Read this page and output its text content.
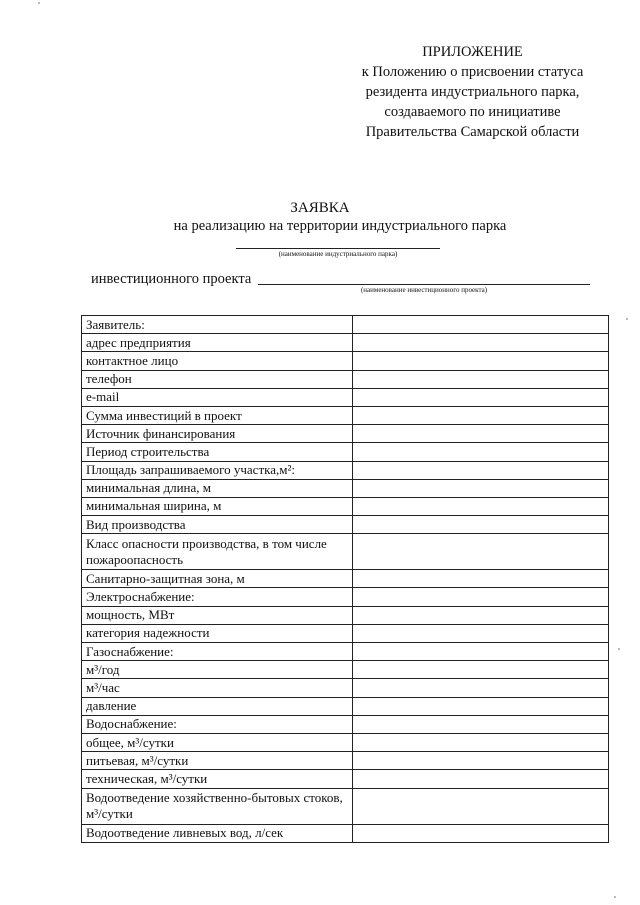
ПРИЛОЖЕНИЕ
к Положению о присвоении статуса
резидента индустриального парка,
создаваемого по инициативе
Правительства Самарской области
ЗАЯВКА
на реализацию на территории индустриального парка
(наименование индустриального парка)
инвестиционного проекта
(наименование инвестиционного проекта)
Заявитель:	
адрес предприятия	
контактное лицо	
телефон	
e-mail	
Сумма инвестиций в проект	
Источник финансирования	
Период строительства	
Площадь запрашиваемого участка,м²:	
минимальная длина, м	
минимальная ширина, м	
Вид производства	
Класс опасности производства, в том числе пожароопасность	
Санитарно-защитная зона, м	
Электроснабжение:	
мощность, МВт	
категория надежности	
Газоснабжение:	
м³/год	
м³/час	
давление	
Водоснабжение:	
общее, м³/сутки	
питьевая, м³/сутки	
техническая, м³/сутки	
Водоотведение хозяйственно-бытовых стоков, м³/сутки	
Водоотведение ливневых вод, л/сек	
